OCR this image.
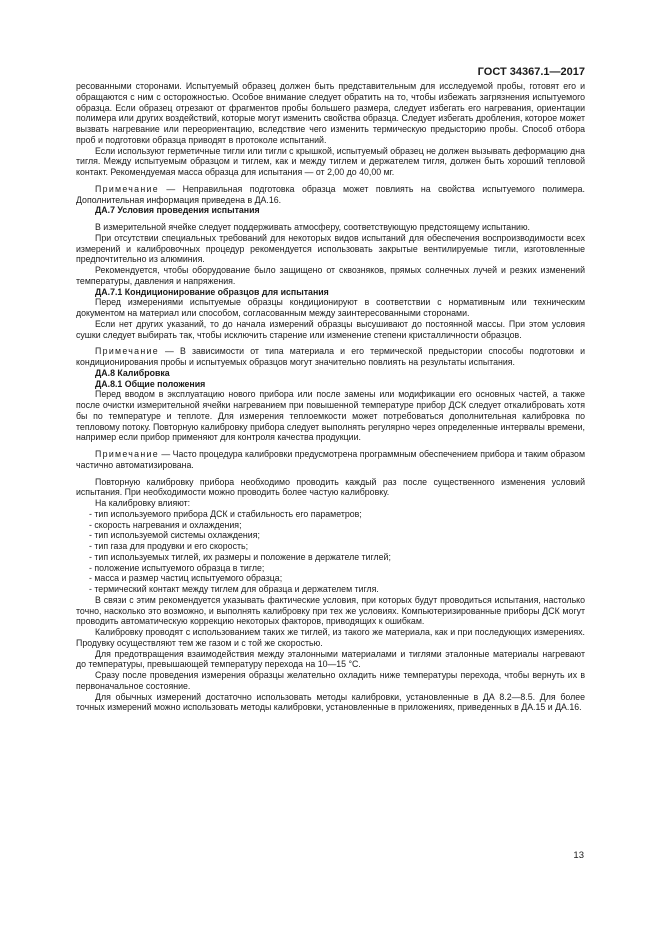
ГОСТ 34367.1—2017

ресованными сторонами. Испытуемый образец должен быть представительным для исследуемой пробы, готовят его и обращаются с ним с осторожностью. Особое внимание следует обратить на то, чтобы избежать загрязнения испытуемого образца. Если образец отрезают от фрагментов пробы большего размера, следует избегать его нагревания, ориентации полимера или других воздействий, которые могут изменить свойства образца. Следует избегать дробления, которое может вызвать нагревание или переориентацию, вследствие чего изменить термическую предысторию пробы. Способ отбора проб и подготовки образца приводят в протоколе испытаний.

Если используют герметичные тигли или тигли с крышкой, испытуемый образец не должен вызывать деформацию дна тигля. Между испытуемым образцом и тиглем, как и между тиглем и держателем тигля, должен быть хороший тепловой контакт. Рекомендуемая масса образца для испытания — от 2,00 до 40,00 мг.

Примечание — Неправильная подготовка образца может повлиять на свойства испытуемого полимера. Дополнительная информация приведена в ДА.16.

ДА.7 Условия проведения испытания

В измерительной ячейке следует поддерживать атмосферу, соответствующую предстоящему испытанию.

При отсутствии специальных требований для некоторых видов испытаний для обеспечения воспроизводимости всех измерений и калибровочных процедур рекомендуется использовать закрытые вентилируемые тигли, изготовленные предпочтительно из алюминия.

Рекомендуется, чтобы оборудование было защищено от сквозняков, прямых солнечных лучей и резких изменений температуры, давления и напряжения.

ДА.7.1 Кондиционирование образцов для испытания

Перед измерениями испытуемые образцы кондиционируют в соответствии с нормативным или техническим документом на материал или способом, согласованным между заинтересованными сторонами.

Если нет других указаний, то до начала измерений образцы высушивают до постоянной массы. При этом условия сушки следует выбирать так, чтобы исключить старение или изменение степени кристалличности образцов.

Примечание — В зависимости от типа материала и его термической предыстории способы подготовки и кондиционирования пробы и испытуемых образцов могут значительно повлиять на результаты испытания.

ДА.8 Калибровка

ДА.8.1 Общие положения

Перед вводом в эксплуатацию нового прибора или после замены или модификации его основных частей, а также после очистки измерительной ячейки нагреванием при повышенной температуре прибор ДСК следует откалибровать хотя бы по температуре и теплоте. Для измерения теплоемкости может потребоваться дополнительная калибровка по тепловому потоку. Повторную калибровку прибора следует выполнять регулярно через определенные интервалы времени, например если прибор применяют для контроля качества продукции.

Примечание — Часто процедура калибровки предусмотрена программным обеспечением прибора и таким образом частично автоматизирована.

Повторную калибровку прибора необходимо проводить каждый раз после существенного изменения условий испытания. При необходимости можно проводить более частую калибровку.

На калибровку влияют:

- тип используемого прибора ДСК и стабильность его параметров;
- скорость нагревания и охлаждения;
- тип используемой системы охлаждения;
- тип газа для продувки и его скорость;
- тип используемых тиглей, их размеры и положение в держателе тиглей;
- положение испытуемого образца в тигле;
- масса и размер частиц испытуемого образца;
- термический контакт между тиглем для образца и держателем тигля.

В связи с этим рекомендуется указывать фактические условия, при которых будут проводиться испытания, настолько точно, насколько это возможно, и выполнять калибровку при тех же условиях. Компьютеризированные приборы ДСК могут проводить автоматическую коррекцию некоторых факторов, приводящих к ошибкам.

Калибровку проводят с использованием таких же тиглей, из такого же материала, как и при последующих измерениях. Продувку осуществляют тем же газом и с той же скоростью.

Для предотвращения взаимодействия между эталонными материалами и тиглями эталонные материалы нагревают до температуры, превышающей температуру перехода на 10—15 °С.

Сразу после проведения измерения образцы желательно охладить ниже температуры перехода, чтобы вернуть их в первоначальное состояние.

Для обычных измерений достаточно использовать методы калибровки, установленные в ДА 8.2—8.5. Для более точных измерений можно использовать методы калибровки, установленные в приложениях, приведенных в ДА.15 и ДА.16.

13
